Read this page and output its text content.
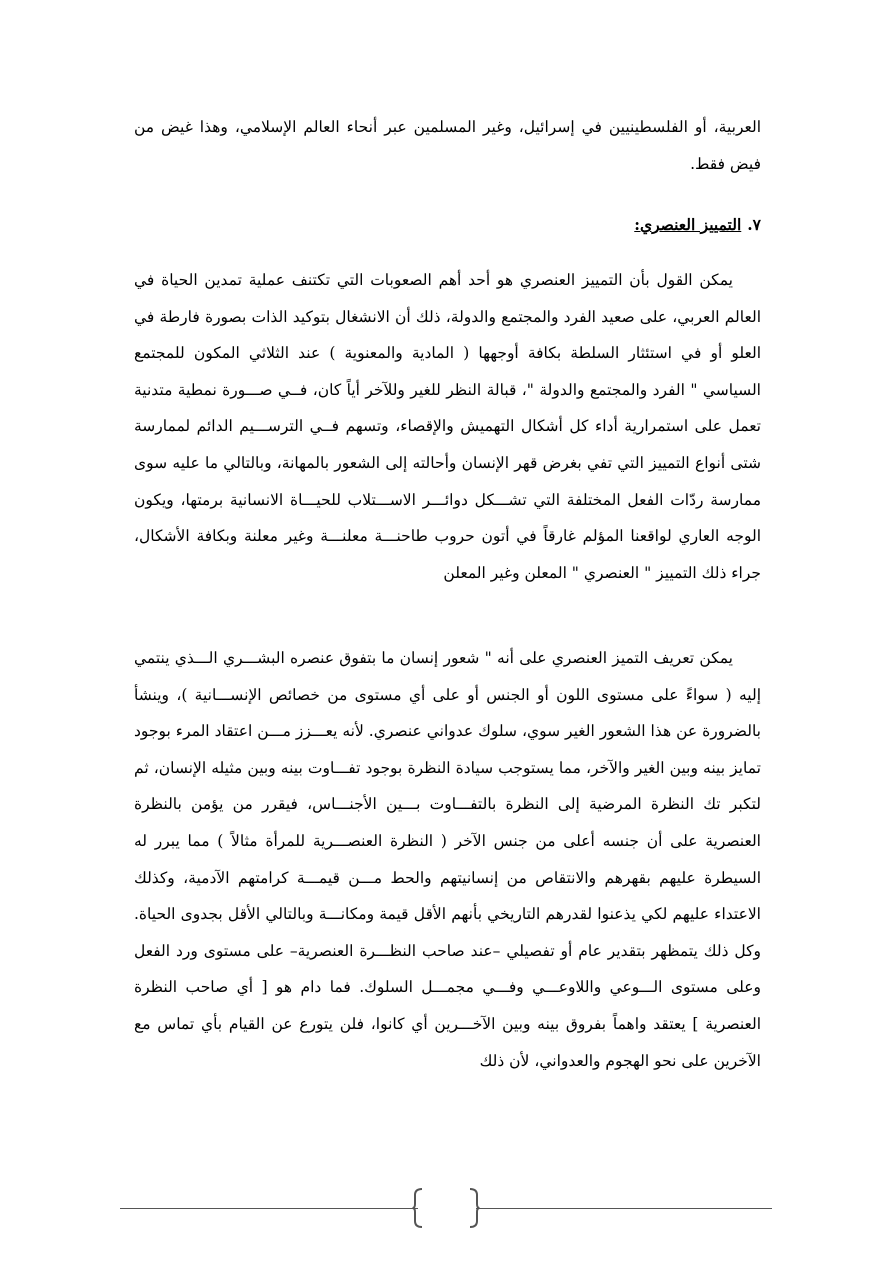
العربية، أو الفلسطينيين في إسرائيل، وغير المسلمين عبر أنحاء العالم الإسلامي، وهذا غيض من فيض فقط.

٧.التمييز العنصري:

يمكن القول بأن التمييز العنصري هو أحد أهم الصعوبات التي تكتنف عملية تمدين الحياة في العالم العربي، على صعيد الفرد والمجتمع والدولة، ذلك أن الانشغال بتوكيد الذات بصورة فارطة في العلو أو في استئثار السلطة بكافة أوجهها ( المادية والمعنوية ) عند الثلاثي المكون للمجتمع السياسي " الفرد والمجتمع والدولة "، قبالة النظر للغير وللآخر أياً كان، فــي صـــورة نمطية متدنية تعمل على استمرارية أداء كل أشكال التهميش والإقصاء، وتسهم فــي الترســـيم الدائم لممارسة شتى أنواع التمييز التي تفي بغرض قهر الإنسان وأحالته إلى الشعور بالمهانة، وبالتالي ما عليه سوى ممارسة ردّات الفعل المختلفة التي تشـــكل دوائـــر الاســـتلاب للحيـــاة الانسانية برمتها، ويكون الوجه العاري لواقعنا المؤلم غارقاً في أتون حروب طاحنـــة معلنـــة وغير معلنة وبكافة الأشكال، جراء ذلك التمييز " العنصري " المعلن وغير المعلن

يمكن تعريف التميز العنصري على أنه " شعور إنسان ما بتفوق عنصره البشـــري الـــذي ينتمي إليه ( سواءً على مستوى اللون أو الجنس أو على أي مستوى من خصائص الإنســـانية )، وينشأ بالضرورة عن هذا الشعور الغير سوي، سلوك عدواني عنصري. لأنه يعـــزز مـــن اعتقاد المرء بوجود تمايز بينه وبين الغير والآخر، مما يستوجب سيادة النظرة بوجود تفـــاوت بينه وبين مثيله الإنسان، ثم لتكبر تك النظرة المرضية إلى النظرة بالتفـــاوت بـــين الأجنـــاس، فيقرر من يؤمن بالنظرة العنصرية على أن جنسه أعلى من جنس الآخر ( النظرة العنصـــرية للمرأة مثالاً ) مما يبرر له السيطرة عليهم بقهرهم والانتقاص من إنسانيتهم والحط مـــن قيمـــة كرامتهم الآدمية، وكذلك الاعتداء عليهم لكي يذعنوا لقدرهم التاريخي بأنهم الأقل قيمة ومكانـــة وبالتالي الأقل بجدوى الحياة. وكل ذلك يتمظهر بتقدير عام أو تفصيلي –عند صاحب النظـــرة العنصرية– على مستوى ورد الفعل وعلى مستوى الـــوعي واللاوعـــي وفـــي مجمـــل السلوك. فما دام هو [ أي صاحب النظرة العنصرية ] يعتقد واهماً بفروق بينه وبين الآخـــرين أي كانوا، فلن يتورع عن القيام بأي تماس مع الآخرين على نحو الهجوم والعدواني، لأن ذلك
